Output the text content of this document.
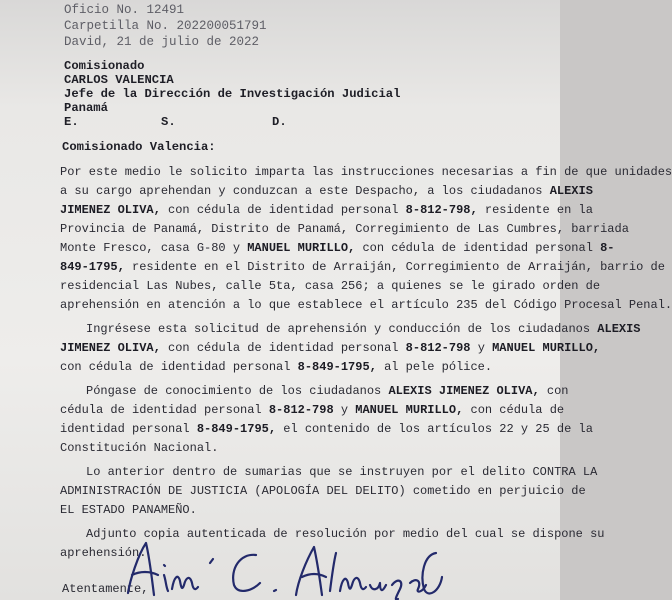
Oficio No. 12491
Carpetilla No. 202200051791
David, 21 de julio de 2022
Comisionado
CARLOS VALENCIA
Jefe de la Dirección de Investigación Judicial
Panamá
E.	S.	D.
Comisionado Valencia:
Por este medio le solicito imparta las instrucciones necesarias a fin de que unidades
a su cargo aprehendan y conduzcan a este Despacho, a los ciudadanos ALEXIS
JIMENEZ OLIVA, con cédula de identidad personal 8-812-798, residente en la
Provincia de Panamá, Distrito de Panamá, Corregimiento de Las Cumbres, barriada
Monte Fresco, casa G-80 y MANUEL MURILLO, con cédula de identidad personal 8-
849-1795, residente en el Distrito de Arraiján, Corregimiento de Arraiján, barrio de
residencial Las Nubes, calle 5ta, casa 256; a quienes se le girado orden de
aprehensión en atención a lo que establece el artículo 235 del Código Procesal Penal.
Ingrésese esta solicitud de aprehensión y conducción de los ciudadanos ALEXIS
JIMENEZ OLIVA, con cédula de identidad personal 8-812-798 y MANUEL MURILLO,
con cédula de identidad personal 8-849-1795, al pele pólice.
Póngase de conocimiento de los ciudadanos ALEXIS JIMENEZ OLIVA, con
cédula de identidad personal 8-812-798 y MANUEL MURILLO, con cédula de
identidad personal 8-849-1795, el contenido de los artículos 22 y 25 de la
Constitución Nacional.
Lo anterior dentro de sumarias que se instruyen por el delito CONTRA LA
ADMINISTRACIÓN DE JUSTICIA (APOLOGÍA DEL DELITO) cometido en perjuicio de
EL ESTADO PANAMEÑO.
Adjunto copia autenticada de resolución por medio del cual se dispone su
aprehensión.
Atentamente,
